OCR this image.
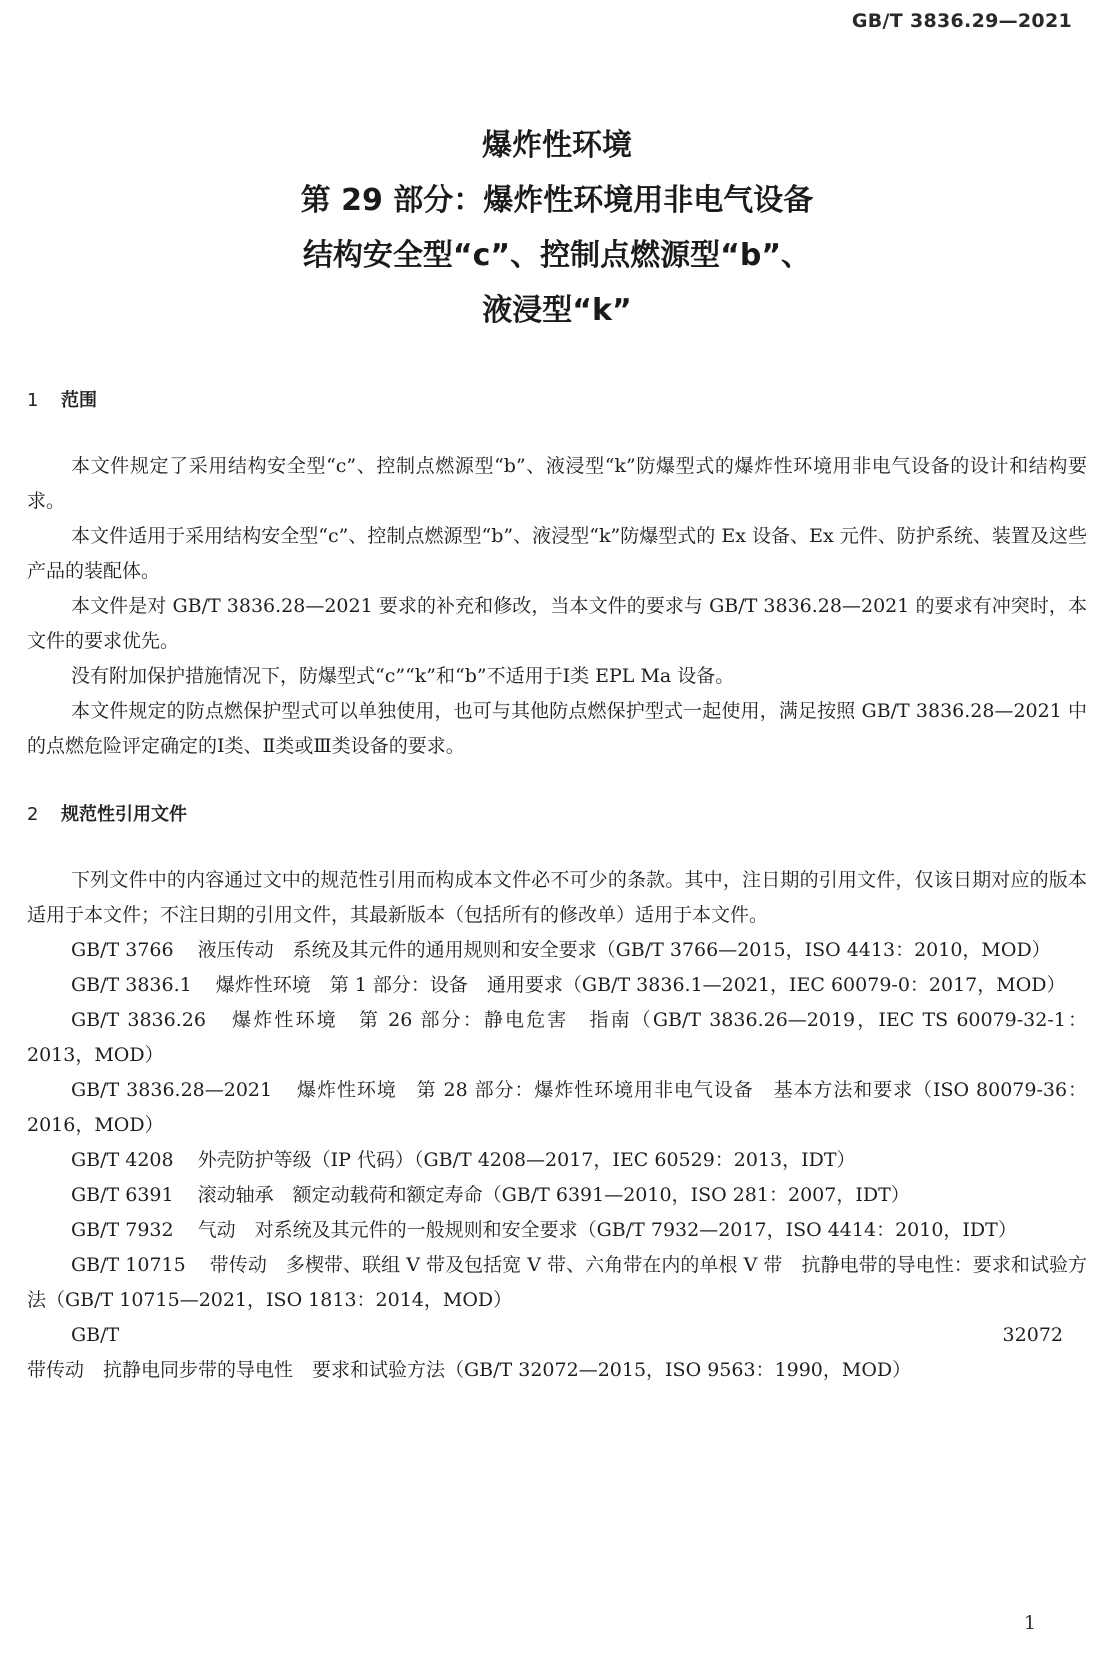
GB/T 3836.29—2021
爆炸性环境
第 29 部分：爆炸性环境用非电气设备
结构安全型“c”、控制点燃源型“b”、
液浸型“k”
1 范围

本文件规定了采用结构安全型“c”、控制点燃源型“b”、液浸型“k”防爆型式的爆炸性环境用非电气设备的设计和结构要求。

本文件适用于采用结构安全型“c”、控制点燃源型“b”、液浸型“k”防爆型式的 Ex 设备、Ex 元件、防护系统、装置及这些产品的装配体。

本文件是对 GB/T 3836.28—2021 要求的补充和修改，当本文件的要求与 GB/T 3836.28—2021 的要求有冲突时，本文件的要求优先。

没有附加保护措施情况下，防爆型式“c”“k”和“b”不适用于Ⅰ类 EPL Ma 设备。

本文件规定的防点燃保护型式可以单独使用，也可与其他防点燃保护型式一起使用，满足按照 GB/T 3836.28—2021 中的点燃危险评定确定的Ⅰ类、Ⅱ类或Ⅲ类设备的要求。

2 规范性引用文件

下列文件中的内容通过文中的规范性引用而构成本文件必不可少的条款。其中，注日期的引用文件，仅该日期对应的版本适用于本文件；不注日期的引用文件，其最新版本（包括所有的修改单）适用于本文件。

GB/T 3766 液压传动　系统及其元件的通用规则和安全要求（GB/T 3766—2015，ISO 4413：2010，MOD）

GB/T 3836.1 爆炸性环境　第 1 部分：设备　通用要求（GB/T 3836.1—2021，IEC 60079-0：2017，MOD）

GB/T 3836.26 爆炸性环境　第 26 部分：静电危害　指南（GB/T 3836.26—2019，IEC TS 60079-32-1：2013，MOD）

GB/T 3836.28—2021 爆炸性环境　第 28 部分：爆炸性环境用非电气设备　基本方法和要求（ISO 80079-36：2016，MOD）

GB/T 4208 外壳防护等级（IP 代码）（GB/T 4208—2017，IEC 60529：2013，IDT）

GB/T 6391 滚动轴承　额定动载荷和额定寿命（GB/T 6391—2010，ISO 281：2007，IDT）

GB/T 7932 气动　对系统及其元件的一般规则和安全要求（GB/T 7932—2017，ISO 4414：2010，IDT）

GB/T 10715 带传动　多楔带、联组 V 带及包括宽 V 带、六角带在内的单根 V 带　抗静电带的导电性：要求和试验方法（GB/T 10715—2021，ISO 1813：2014，MOD）

GB/T 32072带传动　抗静电同步带的导电性　要求和试验方法（GB/T 32072—2015，ISO 9563：1990，MOD）

1
